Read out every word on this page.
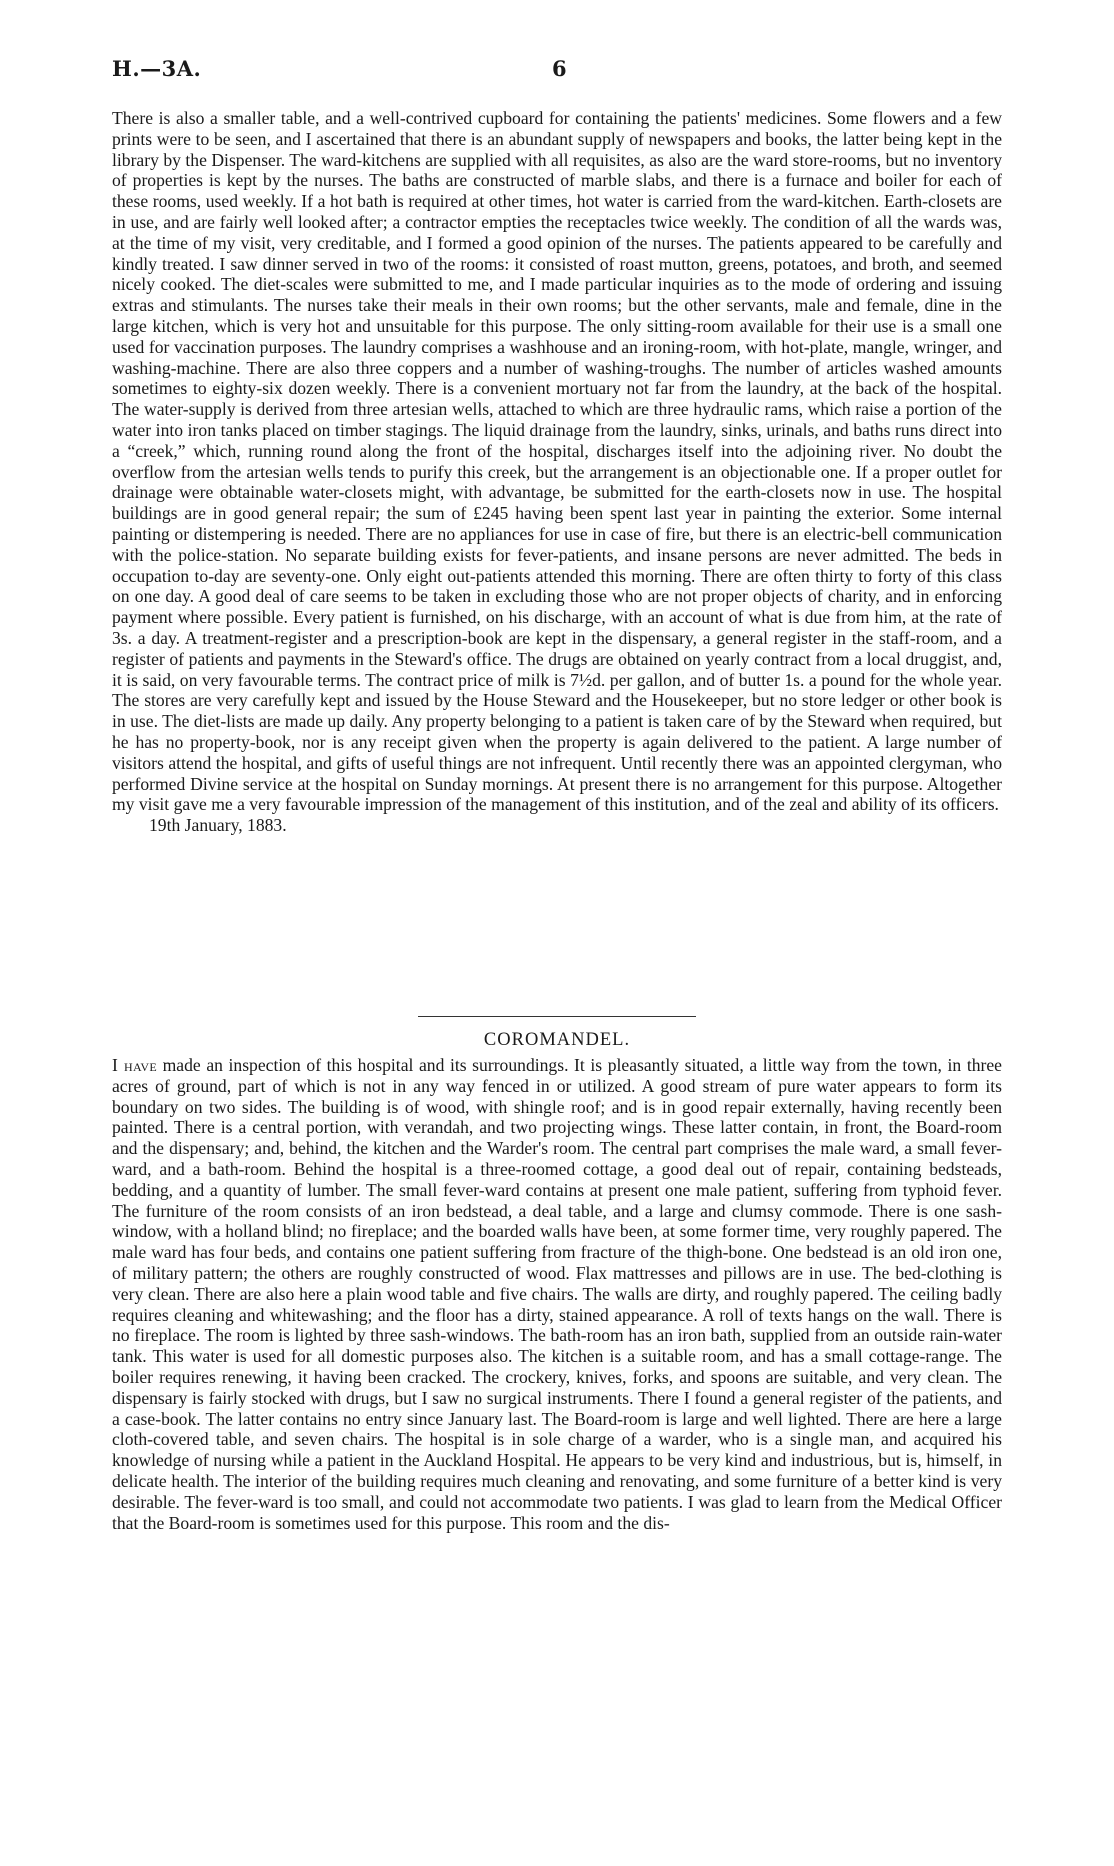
H.—3A.	6

There is also a smaller table, and a well-contrived cupboard for containing the patients' medicines. Some flowers and a few prints were to be seen, and I ascertained that there is an abundant supply of newspapers and books, the latter being kept in the library by the Dispenser. The ward-kitchens are supplied with all requisites, as also are the ward store-rooms, but no inventory of properties is kept by the nurses. The baths are constructed of marble slabs, and there is a furnace and boiler for each of these rooms, used weekly. If a hot bath is required at other times, hot water is carried from the ward-kitchen. Earth-closets are in use, and are fairly well looked after; a contractor empties the receptacles twice weekly. The condition of all the wards was, at the time of my visit, very creditable, and I formed a good opinion of the nurses. The patients appeared to be carefully and kindly treated. I saw dinner served in two of the rooms: it consisted of roast mutton, greens, potatoes, and broth, and seemed nicely cooked. The diet-scales were submitted to me, and I made particular inquiries as to the mode of ordering and issuing extras and stimulants. The nurses take their meals in their own rooms; but the other servants, male and female, dine in the large kitchen, which is very hot and unsuitable for this purpose. The only sitting-room available for their use is a small one used for vaccination purposes. The laundry comprises a washhouse and an ironing-room, with hot-plate, mangle, wringer, and washing-machine. There are also three coppers and a number of washing-troughs. The number of articles washed amounts sometimes to eighty-six dozen weekly. There is a convenient mortuary not far from the laundry, at the back of the hospital. The water-supply is derived from three artesian wells, attached to which are three hydraulic rams, which raise a portion of the water into iron tanks placed on timber stagings. The liquid drainage from the laundry, sinks, urinals, and baths runs direct into a “creek,” which, running round along the front of the hospital, discharges itself into the adjoining river. No doubt the overflow from the artesian wells tends to purify this creek, but the arrangement is an objectionable one. If a proper outlet for drainage were obtainable water-closets might, with advantage, be submitted for the earth-closets now in use. The hospital buildings are in good general repair; the sum of £245 having been spent last year in painting the exterior. Some internal painting or distempering is needed. There are no appliances for use in case of fire, but there is an electric-bell communication with the police-station. No separate building exists for fever-patients, and insane persons are never admitted. The beds in occupation to-day are seventy-one. Only eight out-patients attended this morning. There are often thirty to forty of this class on one day. A good deal of care seems to be taken in excluding those who are not proper objects of charity, and in enforcing payment where possible. Every patient is furnished, on his discharge, with an account of what is due from him, at the rate of 3s. a day. A treatment-register and a prescription-book are kept in the dispensary, a general register in the staff-room, and a register of patients and payments in the Steward's office. The drugs are obtained on yearly contract from a local druggist, and, it is said, on very favourable terms. The contract price of milk is 7½d. per gallon, and of butter 1s. a pound for the whole year. The stores are very carefully kept and issued by the House Steward and the Housekeeper, but no store ledger or other book is in use. The diet-lists are made up daily. Any property belonging to a patient is taken care of by the Steward when required, but he has no property-book, nor is any receipt given when the property is again delivered to the patient. A large number of visitors attend the hospital, and gifts of useful things are not infrequent. Until recently there was an appointed clergyman, who performed Divine service at the hospital on Sunday mornings. At present there is no arrangement for this purpose. Altogether my visit gave me a very favourable impression of the management of this institution, and of the zeal and ability of its officers.

19th January, 1883.

COROMANDEL.

I have made an inspection of this hospital and its surroundings. It is pleasantly situated, a little way from the town, in three acres of ground, part of which is not in any way fenced in or utilized. A good stream of pure water appears to form its boundary on two sides. The building is of wood, with shingle roof; and is in good repair externally, having recently been painted. There is a central portion, with verandah, and two projecting wings. These latter contain, in front, the Board-room and the dispensary; and, behind, the kitchen and the Warder's room. The central part comprises the male ward, a small fever-ward, and a bath-room. Behind the hospital is a three-roomed cottage, a good deal out of repair, containing bedsteads, bedding, and a quantity of lumber. The small fever-ward contains at present one male patient, suffering from typhoid fever. The furniture of the room consists of an iron bedstead, a deal table, and a large and clumsy commode. There is one sash-window, with a holland blind; no fireplace; and the boarded walls have been, at some former time, very roughly papered. The male ward has four beds, and contains one patient suffering from fracture of the thigh-bone. One bedstead is an old iron one, of military pattern; the others are roughly constructed of wood. Flax mattresses and pillows are in use. The bed-clothing is very clean. There are also here a plain wood table and five chairs. The walls are dirty, and roughly papered. The ceiling badly requires cleaning and whitewashing; and the floor has a dirty, stained appearance. A roll of texts hangs on the wall. There is no fireplace. The room is lighted by three sash-windows. The bath-room has an iron bath, supplied from an outside rain-water tank. This water is used for all domestic purposes also. The kitchen is a suitable room, and has a small cottage-range. The boiler requires renewing, it having been cracked. The crockery, knives, forks, and spoons are suitable, and very clean. The dispensary is fairly stocked with drugs, but I saw no surgical instruments. There I found a general register of the patients, and a case-book. The latter contains no entry since January last. The Board-room is large and well lighted. There are here a large cloth-covered table, and seven chairs. The hospital is in sole charge of a warder, who is a single man, and acquired his knowledge of nursing while a patient in the Auckland Hospital. He appears to be very kind and industrious, but is, himself, in delicate health. The interior of the building requires much cleaning and renovating, and some furniture of a better kind is very desirable. The fever-ward is too small, and could not accommodate two patients. I was glad to learn from the Medical Officer that the Board-room is sometimes used for this purpose. This room and the dis-
